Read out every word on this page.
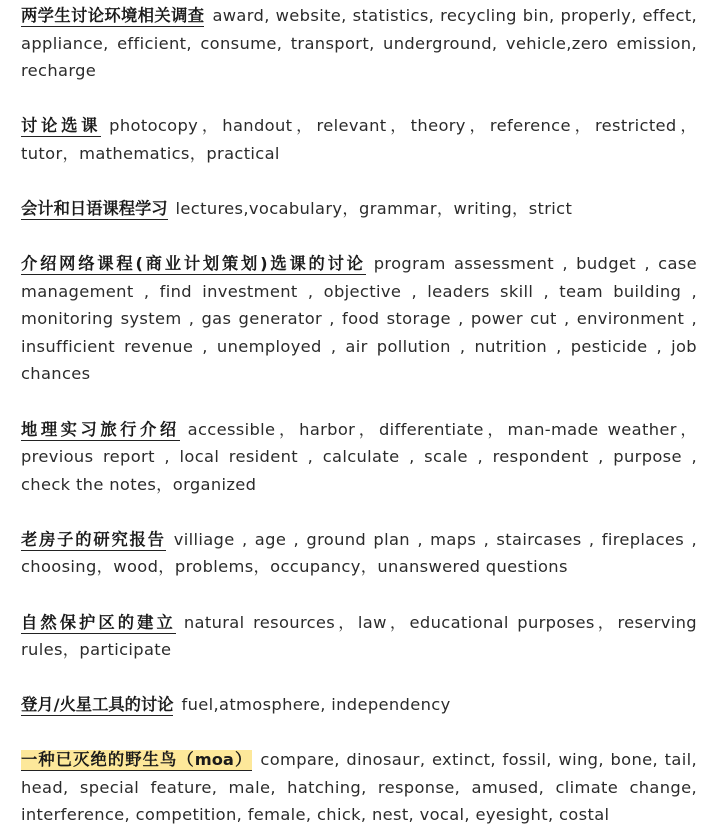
两学生讨论环境相关调查 award, website, statistics, recycling bin, properly, effect, appliance, efficient, consume, transport, underground, vehicle,zero emission, recharge

讨论选课 photocopy，handout，relevant，theory，reference，restricted，tutor，mathematics，practical

会计和日语课程学习 lectures,vocabulary，grammar，writing，strict

介绍网络课程(商业计划策划)选课的讨论 program assessment , budget , case management , find investment , objective , leaders skill , team building , monitoring system , gas generator , food storage , power cut , environment , insufficient revenue , unemployed , air pollution , nutrition , pesticide , job chances

地理实习旅行介绍 accessible，harbor，differentiate，man-made weather，previous report , local resident , calculate , scale , respondent , purpose , check the notes，organized

老房子的研究报告 villiage , age , ground plan , maps , staircases , fireplaces , choosing，wood，problems，occupancy，unanswered questions

自然保护区的建立 natural resources，law，educational purposes，reserving rules，participate

登月/火星工具的讨论 fuel,atmosphere, independency

一种已灭绝的野生鸟（moa） compare, dinosaur, extinct, fossil, wing, bone, tail, head, special feature, male, hatching, response, amused, climate change, interference, competition, female, chick, nest, vocal, eyesight, costal
